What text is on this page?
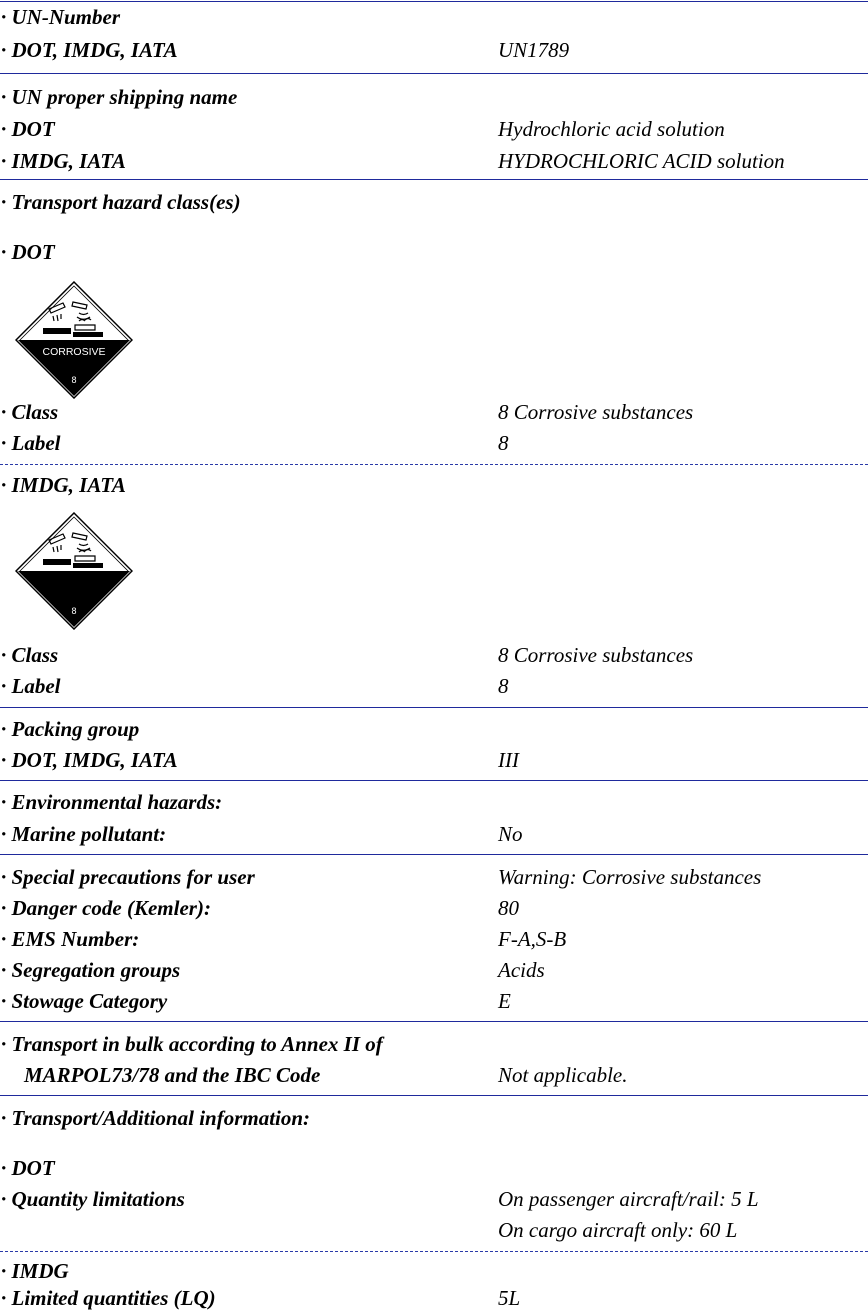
· UN-Number
· DOT, IMDG, IATA	UN1789
· UN proper shipping name
· DOT	Hydrochloric acid solution
· IMDG, IATA	HYDROCHLORIC ACID solution
· Transport hazard class(es)
· DOT
CORROSIVE
8
· Class	8 Corrosive substances
· Label	8
· IMDG, IATA
8
· Class	8 Corrosive substances
· Label	8
· Packing group
· DOT, IMDG, IATA	III
· Environmental hazards:
· Marine pollutant:	No
· Special precautions for user	Warning: Corrosive substances
· Danger code (Kemler):	80
· EMS Number:	F-A,S-B
· Segregation groups	Acids
· Stowage Category	E
· Transport in bulk according to Annex II of
MARPOL73/78 and the IBC Code	Not applicable.
· Transport/Additional information:
· DOT
· Quantity limitations	On passenger aircraft/rail: 5 L
On cargo aircraft only: 60 L
· IMDG
· Limited quantities (LQ)	5L
